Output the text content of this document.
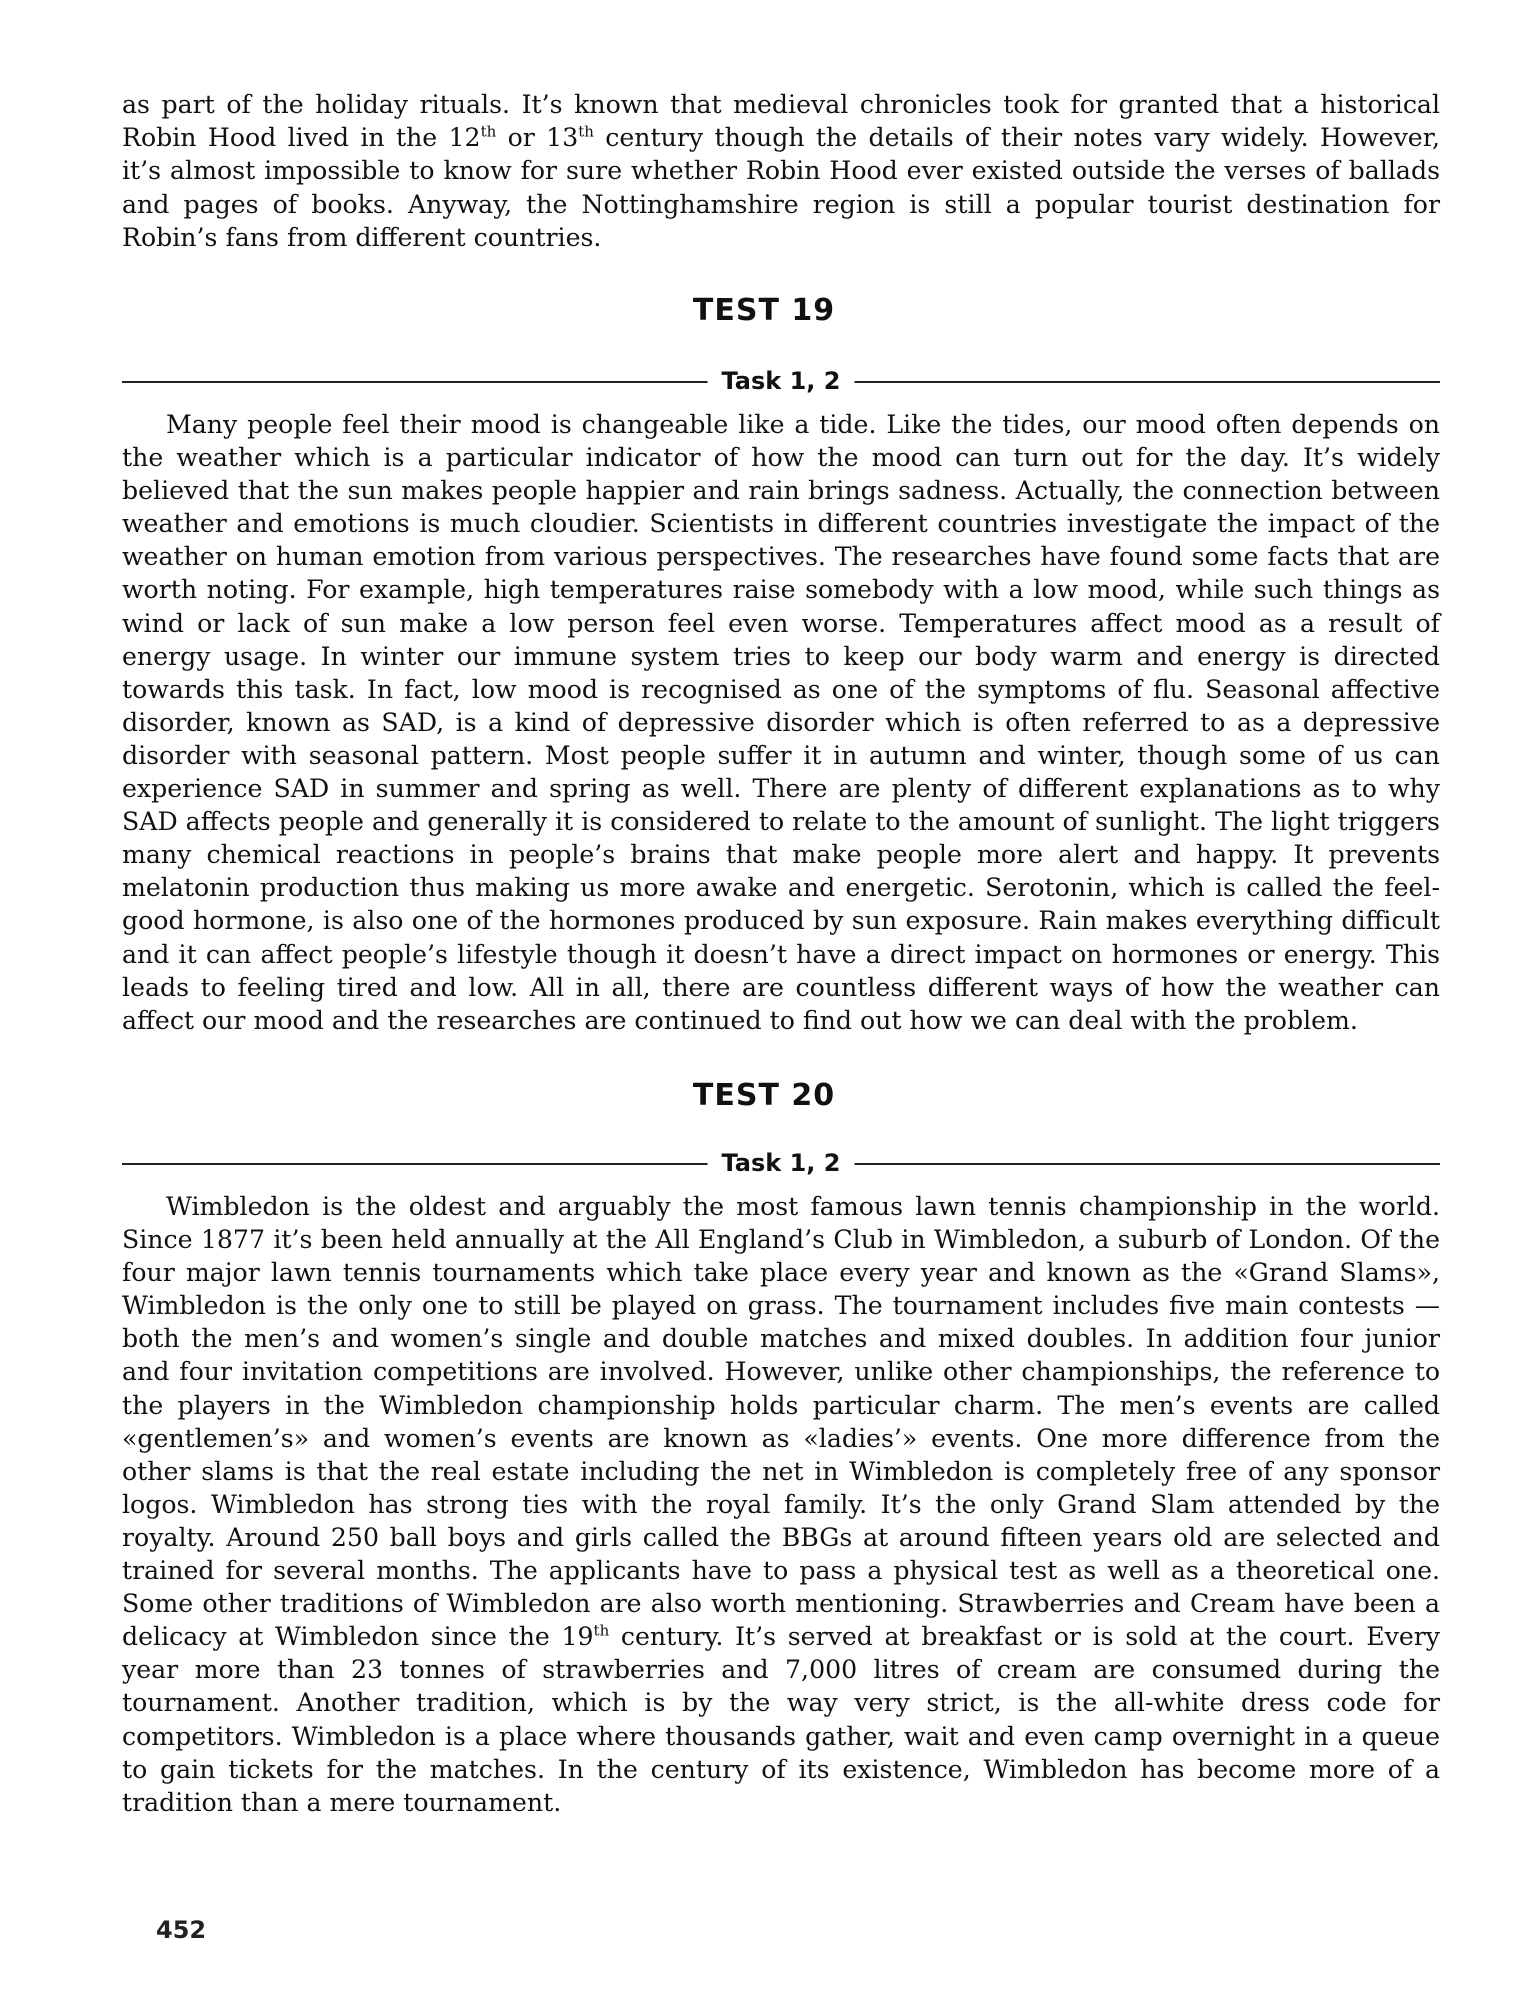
as part of the holiday rituals. It’s known that medieval chronicles took for granted that a historical

Robin Hood lived in the 12th or 13th century though the details of their notes vary widely. However,

it’s almost impossible to know for sure whether Robin Hood ever existed outside the verses of ballads and pages of books. Anyway, the Nottinghamshire region is still a popular tourist destination for Robin’s fans from different countries.

TEST 19
Task 1, 2

Many people feel their mood is changeable like a tide. Like the tides, our mood often depends on the weather which is a particular indicator of how the mood can turn out for the day. It’s widely believed that the sun makes people happier and rain brings sadness. Actually, the connection between weather and emotions is much cloudier. Scientists in different countries investigate the impact of the weather on human emotion from various perspectives. The researches have found some facts that are worth noting. For example, high temperatures raise somebody with a low mood, while such things as wind or lack of sun make a low person feel even worse. Temperatures affect mood as a result of energy usage. In winter our immune system tries to keep our body warm and energy is directed towards this task. In fact, low mood is recognised as one of the symptoms of flu. Seasonal affective disorder, known as SAD, is a kind of depressive disorder which is often referred to as a depressive disorder with seasonal pattern. Most people suffer it in autumn and winter, though some of us can experience SAD in summer and spring as well. There are plenty of different explanations as to why SAD affects people and generally it is considered to relate to the amount of sunlight. The light triggers many chemical reactions in people’s brains that make people more alert and happy. It prevents melatonin production thus making us more awake and energetic. Serotonin, which is called the feel-good hormone, is also one of the hormones produced by sun exposure. Rain makes everything difficult and it can affect people’s lifestyle though it doesn’t have a direct impact on hormones or energy. This leads to feeling tired and low. All in all, there are countless different ways of how the weather can affect our mood and the researches are continued to find out how we can deal with the problem.

TEST 20
Task 1, 2

Wimbledon is the oldest and arguably the most famous lawn tennis championship in the world. Since 1877 it’s been held annually at the All England’s Club in Wimbledon, a suburb of London. Of the four major lawn tennis tournaments which take place every year and known as the «Grand Slams», Wimbledon is the only one to still be played on grass. The tournament includes five main contests — both the men’s and women’s single and double matches and mixed doubles. In addition four junior and four invitation competitions are involved. However, unlike other championships, the reference to the players in the Wimbledon championship holds particular charm. The men’s events are called «gentlemen’s» and women’s events are known as «ladies’» events. One more difference from the other slams is that the real estate including the net in Wimbledon is completely free of any sponsor logos. Wimbledon has strong ties with the royal family. It’s the only Grand Slam attended by the royalty. Around 250 ball boys and girls called the BBGs at around fifteen years old are selected and trained for several months. The applicants have to pass a physical test as well as a theoretical one. Some other traditions of Wimbledon are also worth mentioning. Strawberries and Cream have been a delicacy at Wimbledon since the 19th century. It’s served at breakfast or is sold at the court. Every year more than 23 tonnes of strawberries and 7,000 litres of cream are consumed during the tournament. Another tradition, which is by the way very strict, is the all-white dress code for competitors. Wimbledon is a place where thousands gather, wait and even camp overnight in a queue to gain tickets for the matches. In the century of its existence, Wimbledon has become more of a tradition than a mere tournament.

452
